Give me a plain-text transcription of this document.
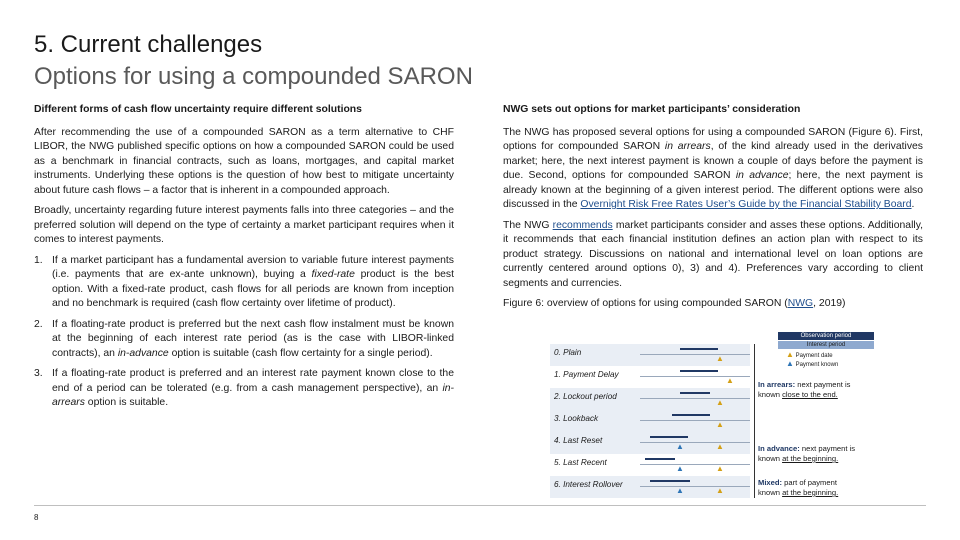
5. Current challenges
Options for using a compounded SARON
Different forms of cash flow uncertainty require different solutions
After recommending the use of a compounded SARON as a term alternative to CHF LIBOR, the NWG published specific options on how a compounded SARON could be used as a benchmark in financial contracts, such as loans, mortgages, and capital market instruments. Underlying these options is the question of how best to mitigate uncertainty about future cash flows – a factor that is inherent in a compounded approach.
Broadly, uncertainty regarding future interest payments falls into three categories – and the preferred solution will depend on the type of certainty a market participant requires when it comes to interest payments.
1. If a market participant has a fundamental aversion to variable future interest payments (i.e. payments that are ex-ante unknown), buying a fixed-rate product is the best option. With a fixed-rate product, cash flows for all periods are known from inception and no benchmark is required (cash flow certainty over lifetime of product).
2. If a floating-rate product is preferred but the next cash flow instalment must be known at the beginning of each interest rate period (as is the case with LIBOR-linked contracts), an in-advance option is suitable (cash flow certainty for a single period).
3. If a floating-rate product is preferred and an interest rate payment known close to the end of a period can be tolerated (e.g. from a cash management perspective), an in-arrears option is suitable.
NWG sets out options for market participants’ consideration
The NWG has proposed several options for using a compounded SARON (Figure 6). First, options for compounded SARON in arrears, of the kind already used in the derivatives market; here, the next interest payment is known a couple of days before the payment is due. Second, options for compounded SARON in advance; here, the next payment is already known at the beginning of a given interest period. The different options were also discussed in the Overnight Risk Free Rates User’s Guide by the Financial Stability Board.
The NWG recommends market participants consider and asses these options. Additionally, it recommends that each financial institution defines an action plan with respect to its product strategy. Discussions on national and international level on loan options are currently centered around options 0), 3) and 4). Preferences vary according to client segments and currencies.
Figure 6: overview of options for using compounded SARON (NWG, 2019)
0. Plain
1. Payment Delay
2. Lockout period
3. Lookback
4. Last Reset
5. Last Recent
6. Interest Rollover
▲
▲
▲
▲
▲	▲
▲	▲
▲	▲
Observation period
Interest period
▲ Payment date
▲ Payment known
In arrears: next payment is known close to the end.
In advance: next payment is known at the beginning.
Mixed: part of payment known at the beginning.
8
